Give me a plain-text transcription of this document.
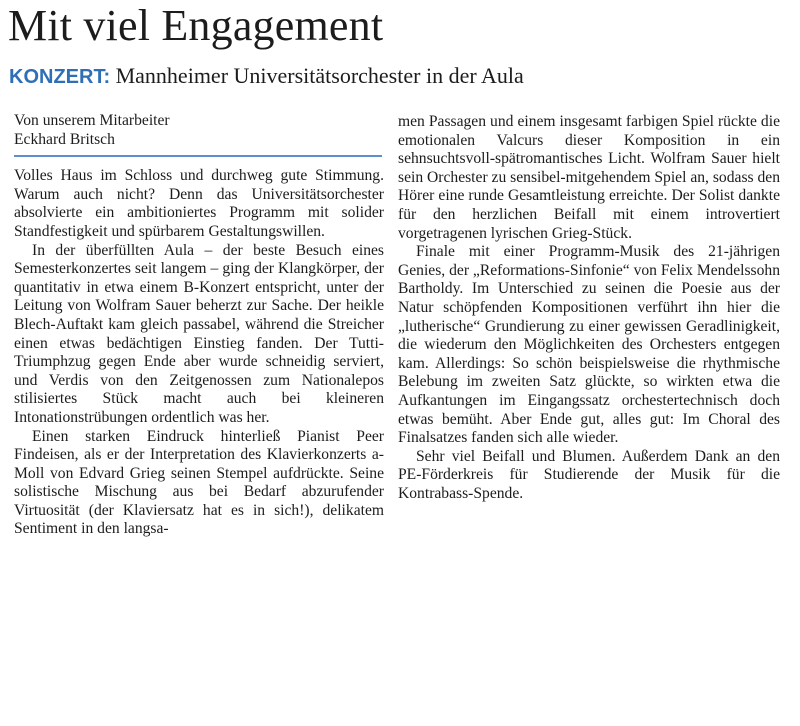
Mit viel Engagement
KONZERT: Mannheimer Universitätsorchester in der Aula

Von unserem Mitarbeiter

Eckhard Britsch

Volles Haus im Schloss und durchweg gute Stimmung. Warum auch nicht? Denn das Universitätsorchester absolvierte ein ambitioniertes Programm mit solider Standfestigkeit und spürbarem Gestaltungswillen.

In der überfüllten Aula – der beste Besuch eines Semesterkonzertes seit langem – ging der Klangkörper, der quantitativ in etwa einem B-Konzert entspricht, unter der Leitung von Wolfram Sauer beherzt zur Sache. Der heikle Blech-Auftakt kam gleich passabel, während die Streicher einen etwas bedächtigen Einstieg fanden. Der Tutti-Triumphzug gegen Ende aber wurde schneidig serviert, und Verdis von den Zeitgenossen zum Nationalepos stilisiertes Stück macht auch bei kleineren Intonationstrübungen ordentlich was her.

Einen starken Eindruck hinterließ Pianist Peer Findeisen, als er der Interpretation des Klavierkonzerts a-Moll von Edvard Grieg seinen Stempel aufdrückte. Seine solistische Mischung aus bei Bedarf abzurufender Virtuosität (der Klaviersatz hat es in sich!), delikatem Sentiment in den langsa-

men Passagen und einem insgesamt farbigen Spiel rückte die emotionalen Valcurs dieser Komposition in ein sehnsuchtsvoll-spätromantisches Licht. Wolfram Sauer hielt sein Orchester zu sensibel-mitgehendem Spiel an, sodass den Hörer eine runde Gesamtleistung erreichte. Der Solist dankte für den herzlichen Beifall mit einem introvertiert vorgetragenen lyrischen Grieg-Stück.

Finale mit einer Programm-Musik des 21-jährigen Genies, der „Reformations-Sinfonie“ von Felix Mendelssohn Bartholdy. Im Unterschied zu seinen die Poesie aus der Natur schöpfenden Kompositionen verführt ihn hier die „lutherische“ Grundierung zu einer gewissen Geradlinigkeit, die wiederum den Möglichkeiten des Orchesters entgegen kam. Allerdings: So schön beispielsweise die rhythmische Belebung im zweiten Satz glückte, so wirkten etwa die Aufkantungen im Eingangssatz orchestertechnisch doch etwas bemüht. Aber Ende gut, alles gut: Im Choral des Finalsatzes fanden sich alle wieder.

Sehr viel Beifall und Blumen. Außerdem Dank an den PE-Förderkreis für Studierende der Musik für die Kontrabass-Spende.
